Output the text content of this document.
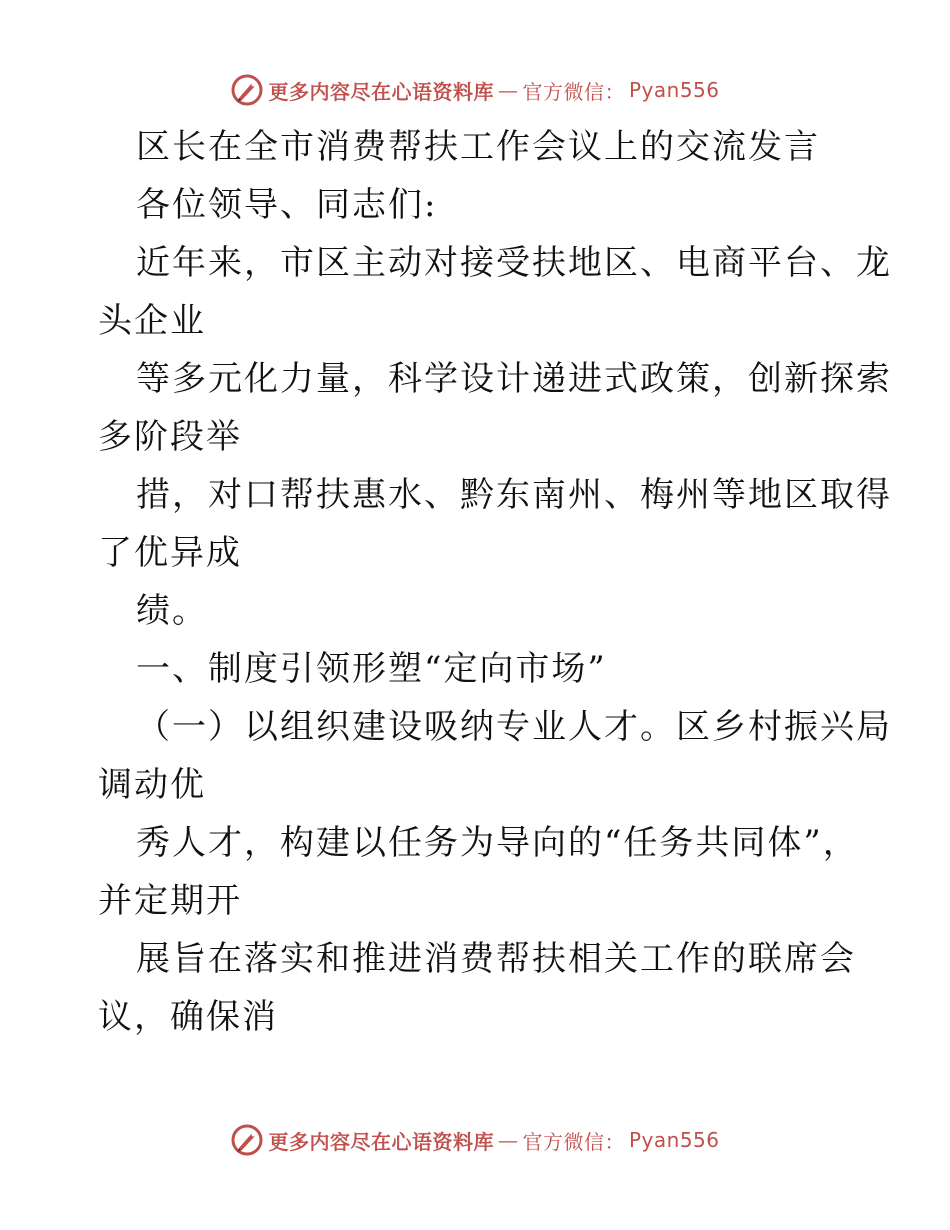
更多内容尽在心语资料库 — 官方微信： Pyan556
区长在全市消费帮扶工作会议上的交流发言
各位领导、同志们:
近年来，市区主动对接受扶地区、电商平台、龙
头企业
等多元化力量，科学设计递进式政策，创新探索
多阶段举
措，对口帮扶惠水、黔东南州、梅州等地区取得
了优异成
绩。
一、制度引领形塑“定向市场”
（一）以组织建设吸纳专业人才。区乡村振兴局
调动优
秀人才，构建以任务为导向的“任务共同体”，
并定期开
展旨在落实和推进消费帮扶相关工作的联席会
议，确保消
更多内容尽在心语资料库 — 官方微信： Pyan556
